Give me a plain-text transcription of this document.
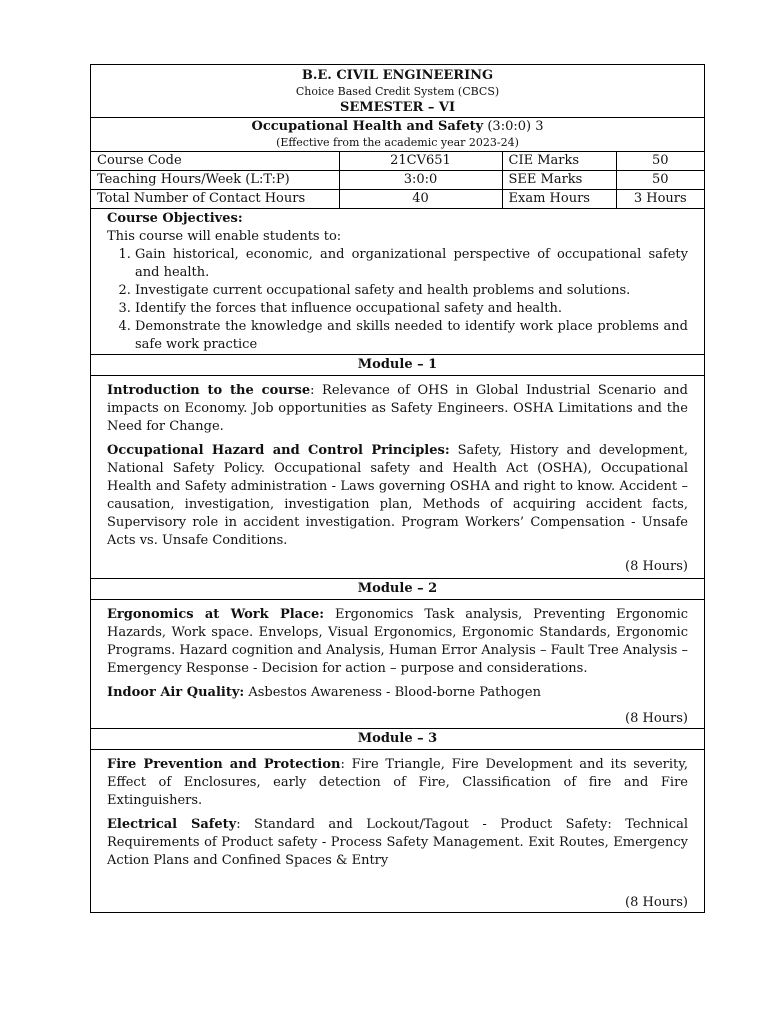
B.E. CIVIL ENGINEERING
Choice Based Credit System (CBCS)
SEMESTER – VI
Occupational Health and Safety (3:0:0) 3
(Effective from the academic year 2023-24)
Course Code	21CV651	CIE Marks	50
Teaching Hours/Week (L:T:P)	3:0:0	SEE Marks	50
Total Number of Contact Hours	40	Exam Hours	3 Hours
Course Objectives:
This course will enable students to:
1. Gain historical, economic, and organizational perspective of occupational safety and health.
2. Investigate current occupational safety and health problems and solutions.
3. Identify the forces that influence occupational safety and health.
4. Demonstrate the knowledge and skills needed to identify work place problems and safe work practice
Module – 1

Introduction to the course: Relevance of OHS in Global Industrial Scenario and impacts on Economy. Job opportunities as Safety Engineers. OSHA Limitations and the Need for Change.

Occupational Hazard and Control Principles: Safety, History and development, National Safety Policy. Occupational safety and Health Act (OSHA), Occupational Health and Safety administration - Laws governing OSHA and right to know. Accident – causation, investigation, investigation plan, Methods of acquiring accident facts, Supervisory role in accident investigation. Program Workers’ Compensation - Unsafe Acts vs. Unsafe Conditions.

(8 Hours)
Module – 2

Ergonomics at Work Place: Ergonomics Task analysis, Preventing Ergonomic Hazards, Work space. Envelops, Visual Ergonomics, Ergonomic Standards, Ergonomic Programs. Hazard cognition and Analysis, Human Error Analysis – Fault Tree Analysis – Emergency Response - Decision for action – purpose and considerations.

Indoor Air Quality: Asbestos Awareness - Blood-borne Pathogen

(8 Hours)
Module – 3

Fire Prevention and Protection: Fire Triangle, Fire Development and its severity, Effect of Enclosures, early detection of Fire, Classification of fire and Fire Extinguishers.

Electrical Safety: Standard and Lockout/Tagout - Product Safety: Technical Requirements of Product safety - Process Safety Management. Exit Routes, Emergency Action Plans and Confined Spaces & Entry

(8 Hours)
